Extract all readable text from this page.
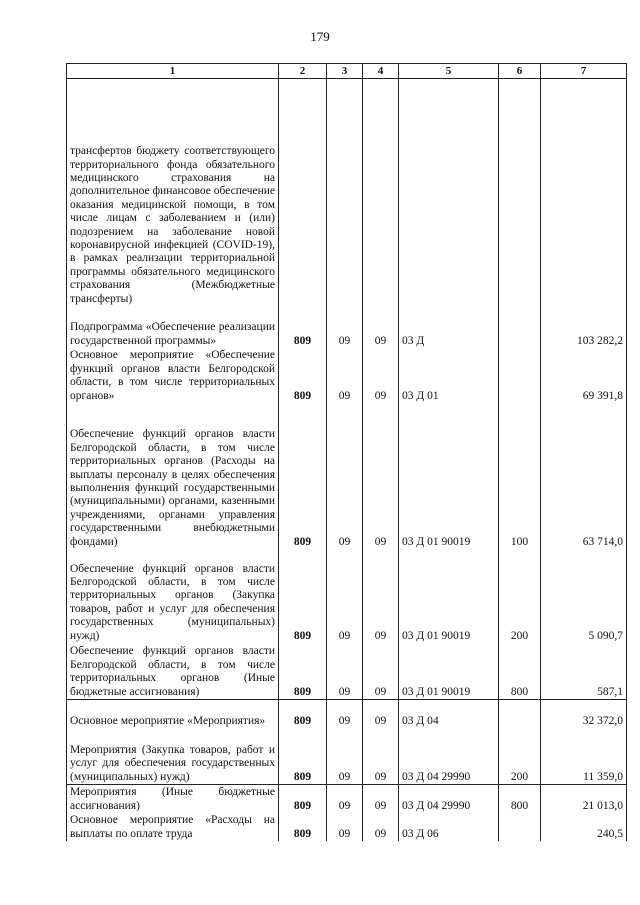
179
1	2	3	4	5	6	7
трансфертов бюджету соответствующего территориального фонда обязательного медицинского страхования на дополнительное финансовое обеспечение оказания медицинской помощи, в том числе лицам с заболеванием и (или) подозрением на заболевание новой коронавирусной инфекцией (COVID-19), в рамках реализации территориальной программы обязательного медицинского страхования (Межбюджетные трансферты)						
Подпрограмма «Обеспечение реализации государственной программы»	809	09	09	03 Д		103 282,2
Основное мероприятие «Обеспечение функций органов власти Белгородской области, в том числе территориальных органов»	809	09	09	03 Д 01		69 391,8
Обеспечение функций органов власти Белгородской области, в том числе территориальных органов (Расходы на выплаты персоналу в целях обеспечения выполнения функций государственными (муниципальными) органами, казенными учреждениями, органами управления государственными внебюджетными фондами)	809	09	09	03 Д 01 90019	100	63 714,0
Обеспечение функций органов власти Белгородской области, в том числе территориальных органов (Закупка товаров, работ и услуг для обеспечения государственных (муниципальных) нужд)	809	09	09	03 Д 01 90019	200	5 090,7
Обеспечение функций органов власти Белгородской области, в том числе территориальных органов (Иные бюджетные ассигнования)	809	09	09	03 Д 01 90019	800	587,1
Основное мероприятие «Мероприятия»	809	09	09	03 Д 04		32 372,0
Мероприятия (Закупка товаров, работ и услуг для обеспечения государственных (муниципальных) нужд)	809	09	09	03 Д 04 29990	200	11 359,0
Мероприятия (Иные бюджетные ассигнования)	809	09	09	03 Д 04 29990	800	21 013,0
Основное мероприятие «Расходы на выплаты по оплате труда	809	09	09	03 Д 06		240,5
